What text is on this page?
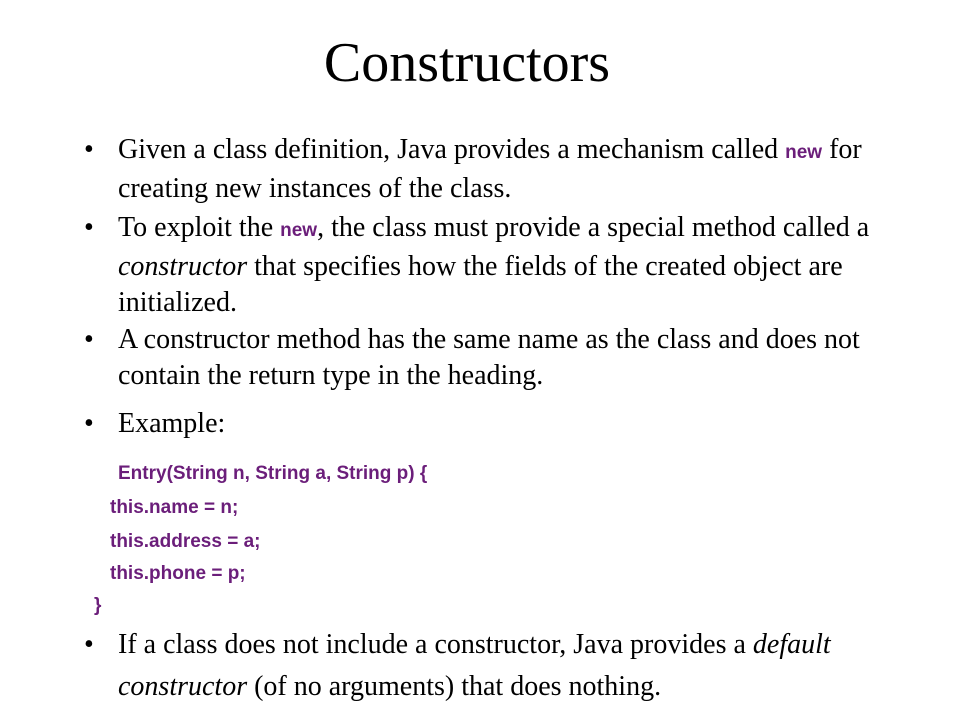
Constructors
• Given a class definition, Java provides a mechanism called new for creating new instances of the class.
• To exploit the new, the class must provide a special method called a constructor that specifies how the fields of the created object are initialized.
• A constructor method has the same name as the class and does not contain the return type in the heading.
• Example:
Entry(String n, String a, String p) {
this.name = n;
this.address = a;
this.phone = p;
}
• If a class does not include a constructor, Java provides a default constructor (of no arguments) that does nothing.
